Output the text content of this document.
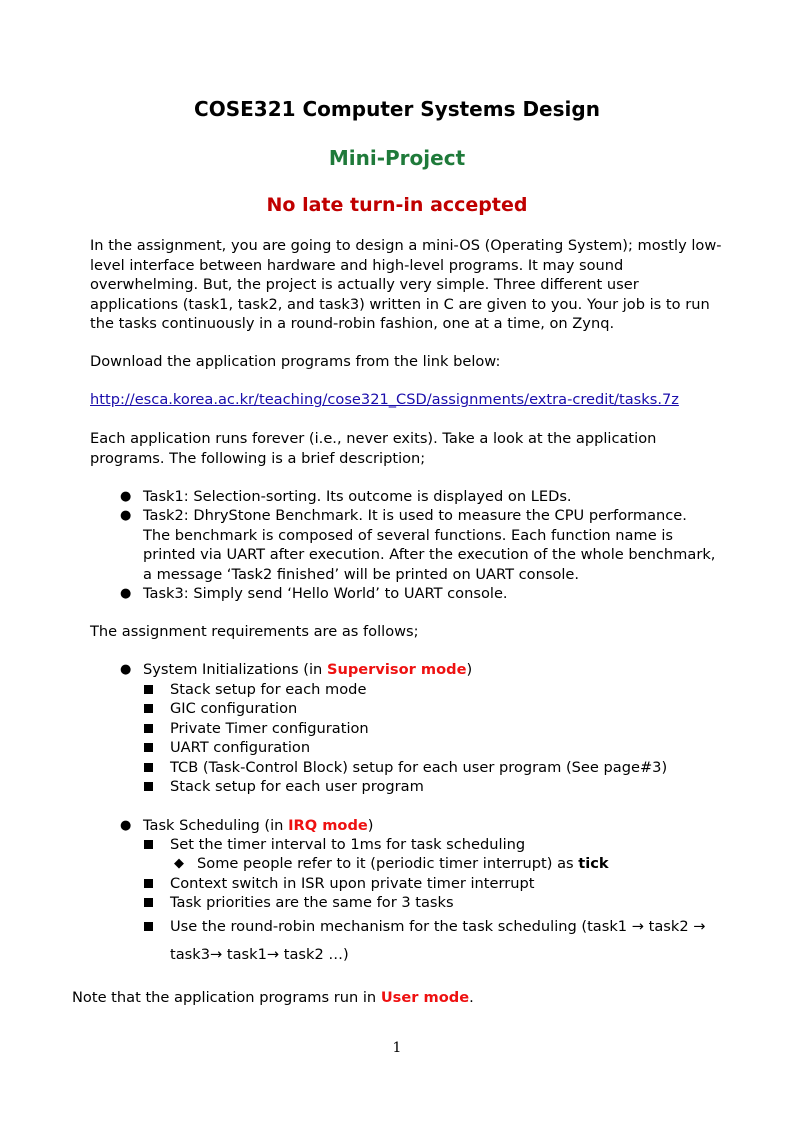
COSE321 Computer Systems Design
Mini-Project
No late turn-in accepted
In the assignment, you are going to design a mini-OS (Operating System); mostly low-level interface between hardware and high-level programs. It may sound overwhelming. But, the project is actually very simple. Three different user applications (task1, task2, and task3) written in C are given to you. Your job is to run the tasks continuously in a round-robin fashion, one at a time, on Zynq.
Download the application programs from the link below:
http://esca.korea.ac.kr/teaching/cose321_CSD/assignments/extra-credit/tasks.7z
Each application runs forever (i.e., never exits). Take a look at the application programs. The following is a brief description;
● Task1: Selection-sorting. Its outcome is displayed on LEDs.
● Task2: DhryStone Benchmark. It is used to measure the CPU performance. The benchmark is composed of several functions. Each function name is printed via UART after execution. After the execution of the whole benchmark, a message ‘Task2 finished’ will be printed on UART console.
● Task3: Simply send ‘Hello World’ to UART console.
The assignment requirements are as follows;
● System Initializations (in Supervisor mode)
Stack setup for each mode
GIC configuration
Private Timer configuration
UART configuration
TCB (Task-Control Block) setup for each user program (See page#3)
Stack setup for each user program
● Task Scheduling (in IRQ mode)
Set the timer interval to 1ms for task scheduling
◆ Some people refer to it (periodic timer interrupt) as tick
Context switch in ISR upon private timer interrupt
Task priorities are the same for 3 tasks
Use the round-robin mechanism for the task scheduling (task1 → task2 →
task3→ task1→ task2 …)
Note that the application programs run in User mode.
1
